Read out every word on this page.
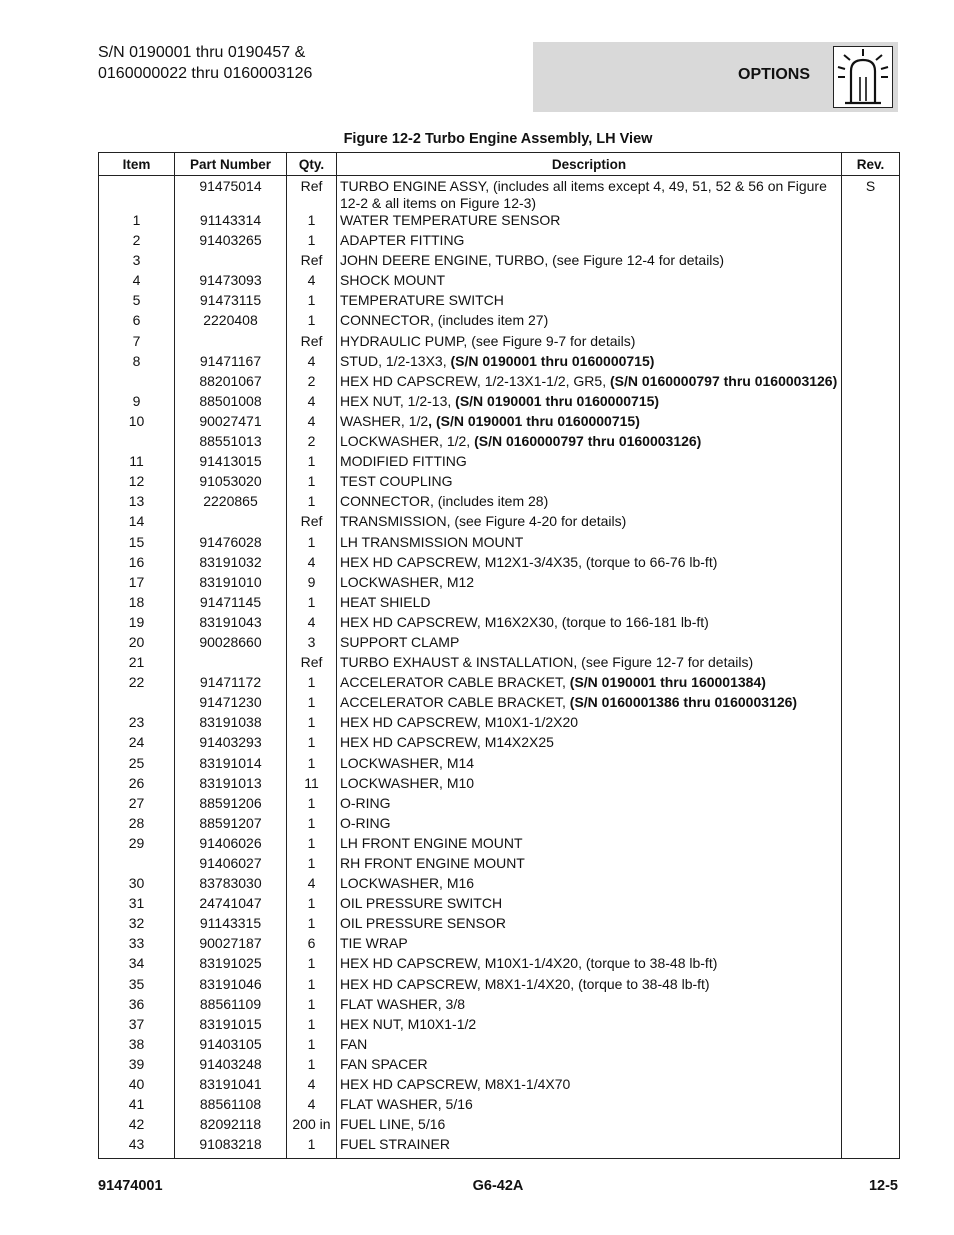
S/N 0190001 thru 0190457 &
0160000022 thru 0160003126	OPTIONS
Figure 12-2 Turbo Engine Assembly, LH View
Item	Part Number	Qty.	Description	Rev.
	91475014	Ref	TURBO ENGINE ASSY, (includes all items except 4, 49, 51, 52 & 56 on Figure 12-2 & all items on Figure 12-3)	S
1	91143314	1	WATER TEMPERATURE SENSOR	
2	91403265	1	ADAPTER FITTING	
3		Ref	JOHN DEERE ENGINE, TURBO, (see Figure 12-4 for details)	
4	91473093	4	SHOCK MOUNT	
5	91473115	1	TEMPERATURE SWITCH	
6	2220408	1	CONNECTOR, (includes item 27)	
7		Ref	HYDRAULIC PUMP, (see Figure 9-7 for details)	
8	91471167	4	STUD, 1/2-13X3, (S/N 0190001 thru 0160000715)	
	88201067	2	HEX HD CAPSCREW, 1/2-13X1-1/2, GR5, (S/N 0160000797 thru 0160003126)	
9	88501008	4	HEX NUT, 1/2-13, (S/N 0190001 thru 0160000715)	
10	90027471	4	WASHER, 1/2, (S/N 0190001 thru 0160000715)	
	88551013	2	LOCKWASHER, 1/2, (S/N 0160000797 thru 0160003126)	
11	91413015	1	MODIFIED FITTING	
12	91053020	1	TEST COUPLING	
13	2220865	1	CONNECTOR, (includes item 28)	
14		Ref	TRANSMISSION, (see Figure 4-20 for details)	
15	91476028	1	LH TRANSMISSION MOUNT	
16	83191032	4	HEX HD CAPSCREW, M12X1-3/4X35, (torque to 66-76 lb-ft)	
17	83191010	9	LOCKWASHER, M12	
18	91471145	1	HEAT SHIELD	
19	83191043	4	HEX HD CAPSCREW, M16X2X30, (torque to 166-181 lb-ft)	
20	90028660	3	SUPPORT CLAMP	
21		Ref	TURBO EXHAUST & INSTALLATION, (see Figure 12-7 for details)	
22	91471172	1	ACCELERATOR CABLE BRACKET, (S/N 0190001 thru 160001384)	
	91471230	1	ACCELERATOR CABLE BRACKET, (S/N 0160001386 thru 0160003126)	
23	83191038	1	HEX HD CAPSCREW, M10X1-1/2X20	
24	91403293	1	HEX HD CAPSCREW, M14X2X25	
25	83191014	1	LOCKWASHER, M14	
26	83191013	11	LOCKWASHER, M10	
27	88591206	1	O-RING	
28	88591207	1	O-RING	
29	91406026	1	LH FRONT ENGINE MOUNT	
	91406027	1	RH FRONT ENGINE MOUNT	
30	83783030	4	LOCKWASHER, M16	
31	24741047	1	OIL PRESSURE SWITCH	
32	91143315	1	OIL PRESSURE SENSOR	
33	90027187	6	TIE WRAP	
34	83191025	1	HEX HD CAPSCREW, M10X1-1/4X20, (torque to 38-48 lb-ft)	
35	83191046	1	HEX HD CAPSCREW, M8X1-1/4X20, (torque to 38-48 lb-ft)	
36	88561109	1	FLAT WASHER, 3/8	
37	83191015	1	HEX NUT, M10X1-1/2	
38	91403105	1	FAN	
39	91403248	1	FAN SPACER	
40	83191041	4	HEX HD CAPSCREW, M8X1-1/4X70	
41	88561108	4	FLAT WASHER, 5/16	
42	82092118	200 in	FUEL LINE, 5/16	
43	91083218	1	FUEL STRAINER	
91474001	G6-42A	12-5
